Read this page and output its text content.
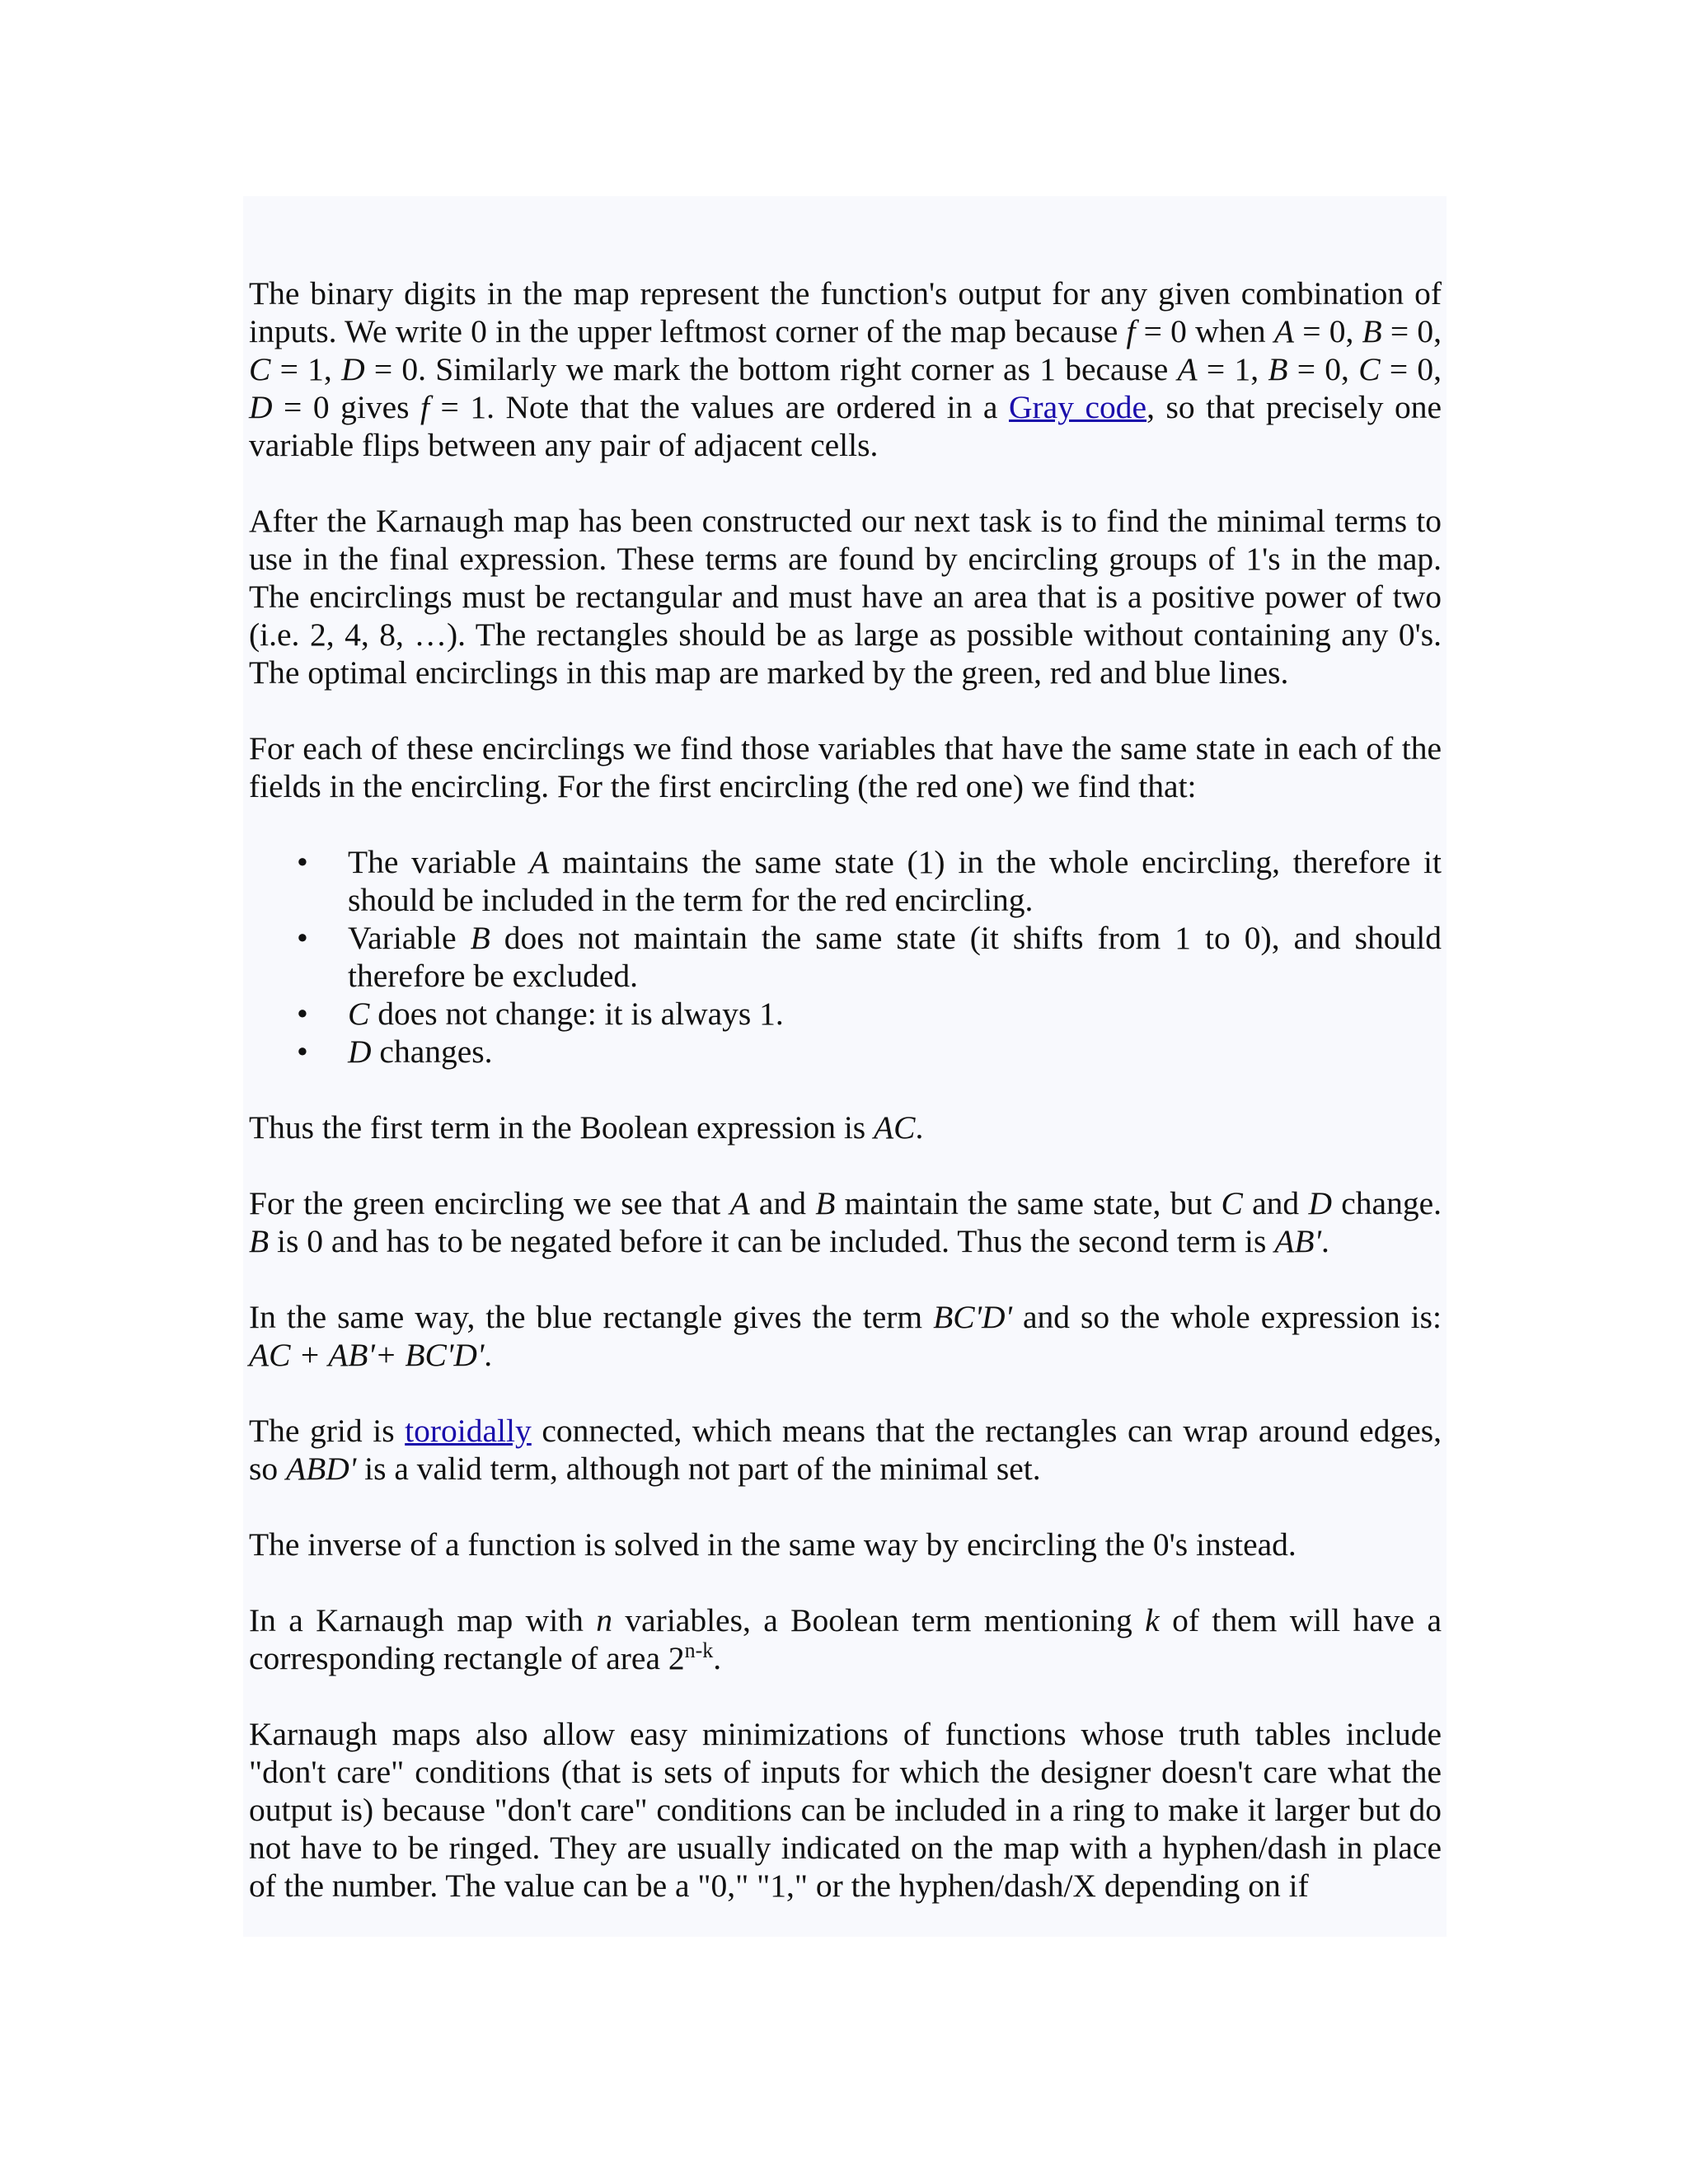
The binary digits in the map represent the function's output for any given combination of inputs. We write 0 in the upper leftmost corner of the map because f = 0 when A = 0, B = 0, C = 1, D = 0. Similarly we mark the bottom right corner as 1 because A = 1, B = 0, C = 0, D = 0 gives f = 1. Note that the values are ordered in a Gray code, so that precisely one variable flips between any pair of adjacent cells.

After the Karnaugh map has been constructed our next task is to find the minimal terms to use in the final expression. These terms are found by encircling groups of 1's in the map. The encirclings must be rectangular and must have an area that is a positive power of two (i.e. 2, 4, 8, …). The rectangles should be as large as possible without containing any 0's. The optimal encirclings in this map are marked by the green, red and blue lines.

For each of these encirclings we find those variables that have the same state in each of the fields in the encircling. For the first encircling (the red one) we find that:

• The variable A maintains the same state (1) in the whole encircling, therefore it should be included in the term for the red encircling.
• Variable B does not maintain the same state (it shifts from 1 to 0), and should therefore be excluded.
• C does not change: it is always 1.
• D changes.

Thus the first term in the Boolean expression is AC.

For the green encircling we see that A and B maintain the same state, but C and D change. B is 0 and has to be negated before it can be included. Thus the second term is AB'.

In the same way, the blue rectangle gives the term BC'D' and so the whole expression is: AC + AB'+ BC'D'.

The grid is toroidally connected, which means that the rectangles can wrap around edges, so ABD' is a valid term, although not part of the minimal set.

The inverse of a function is solved in the same way by encircling the 0's instead.

In a Karnaugh map with n variables, a Boolean term mentioning k of them will have a corresponding rectangle of area 2$^{n-k}$.

Karnaugh maps also allow easy minimizations of functions whose truth tables include "don't care" conditions (that is sets of inputs for which the designer doesn't care what the output is) because "don't care" conditions can be included in a ring to make it larger but do not have to be ringed. They are usually indicated on the map with a hyphen/dash in place of the number. The value can be a "0," "1," or the hyphen/dash/X depending on if
